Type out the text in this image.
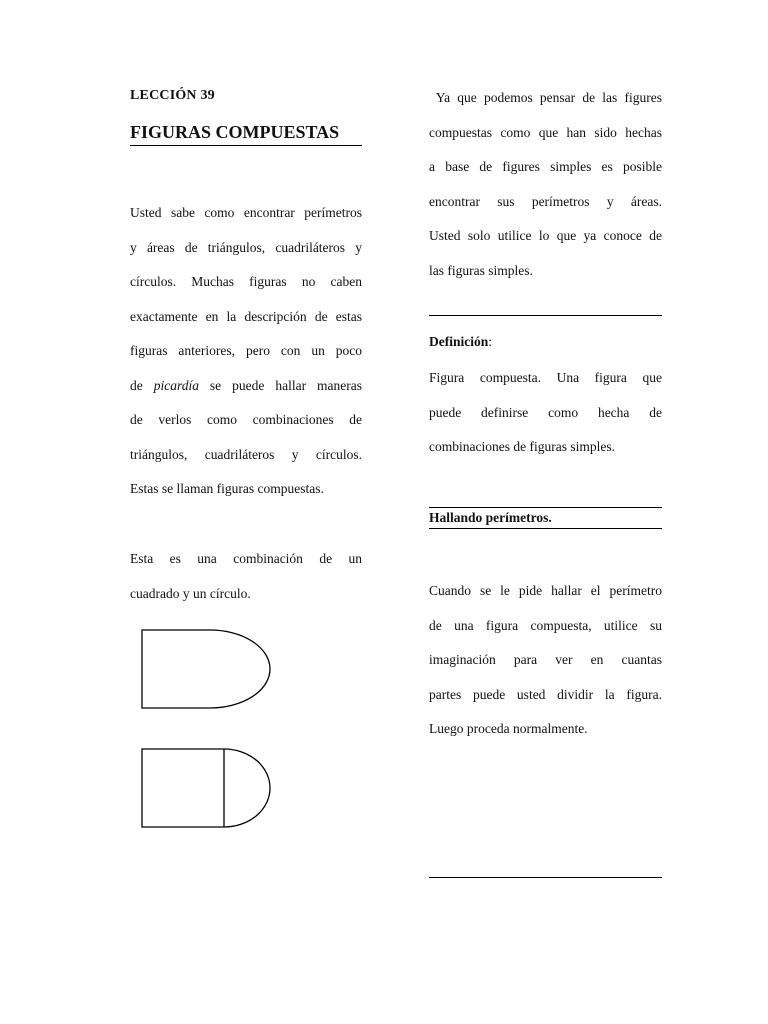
LECCIÓN 39
FIGURAS COMPUESTAS
Usted sabe como encontrar perímetros
y áreas de triángulos, cuadriláteros y
círculos. Muchas figuras no caben
exactamente en la descripción de estas
figuras anteriores, pero con un poco
de picardía se puede hallar maneras
de verlos como combinaciones de
triángulos, cuadriláteros y círculos.
Estas se llaman figuras compuestas.
Esta es una combinación de un
cuadrado y un círculo.
Ya que podemos pensar de las figures
compuestas como que han sido hechas
a base de figures simples es posible
encontrar sus perímetros y áreas.
Usted solo utilice lo que ya conoce de
las figuras simples.
Definición:
Figura compuesta. Una figura que
puede definirse como hecha de
combinaciones de figuras simples.
Hallando perímetros.
Cuando se le pide hallar el perímetro
de una figura compuesta, utilice su
imaginación para ver en cuantas
partes puede usted dividir la figura.
Luego proceda normalmente.
